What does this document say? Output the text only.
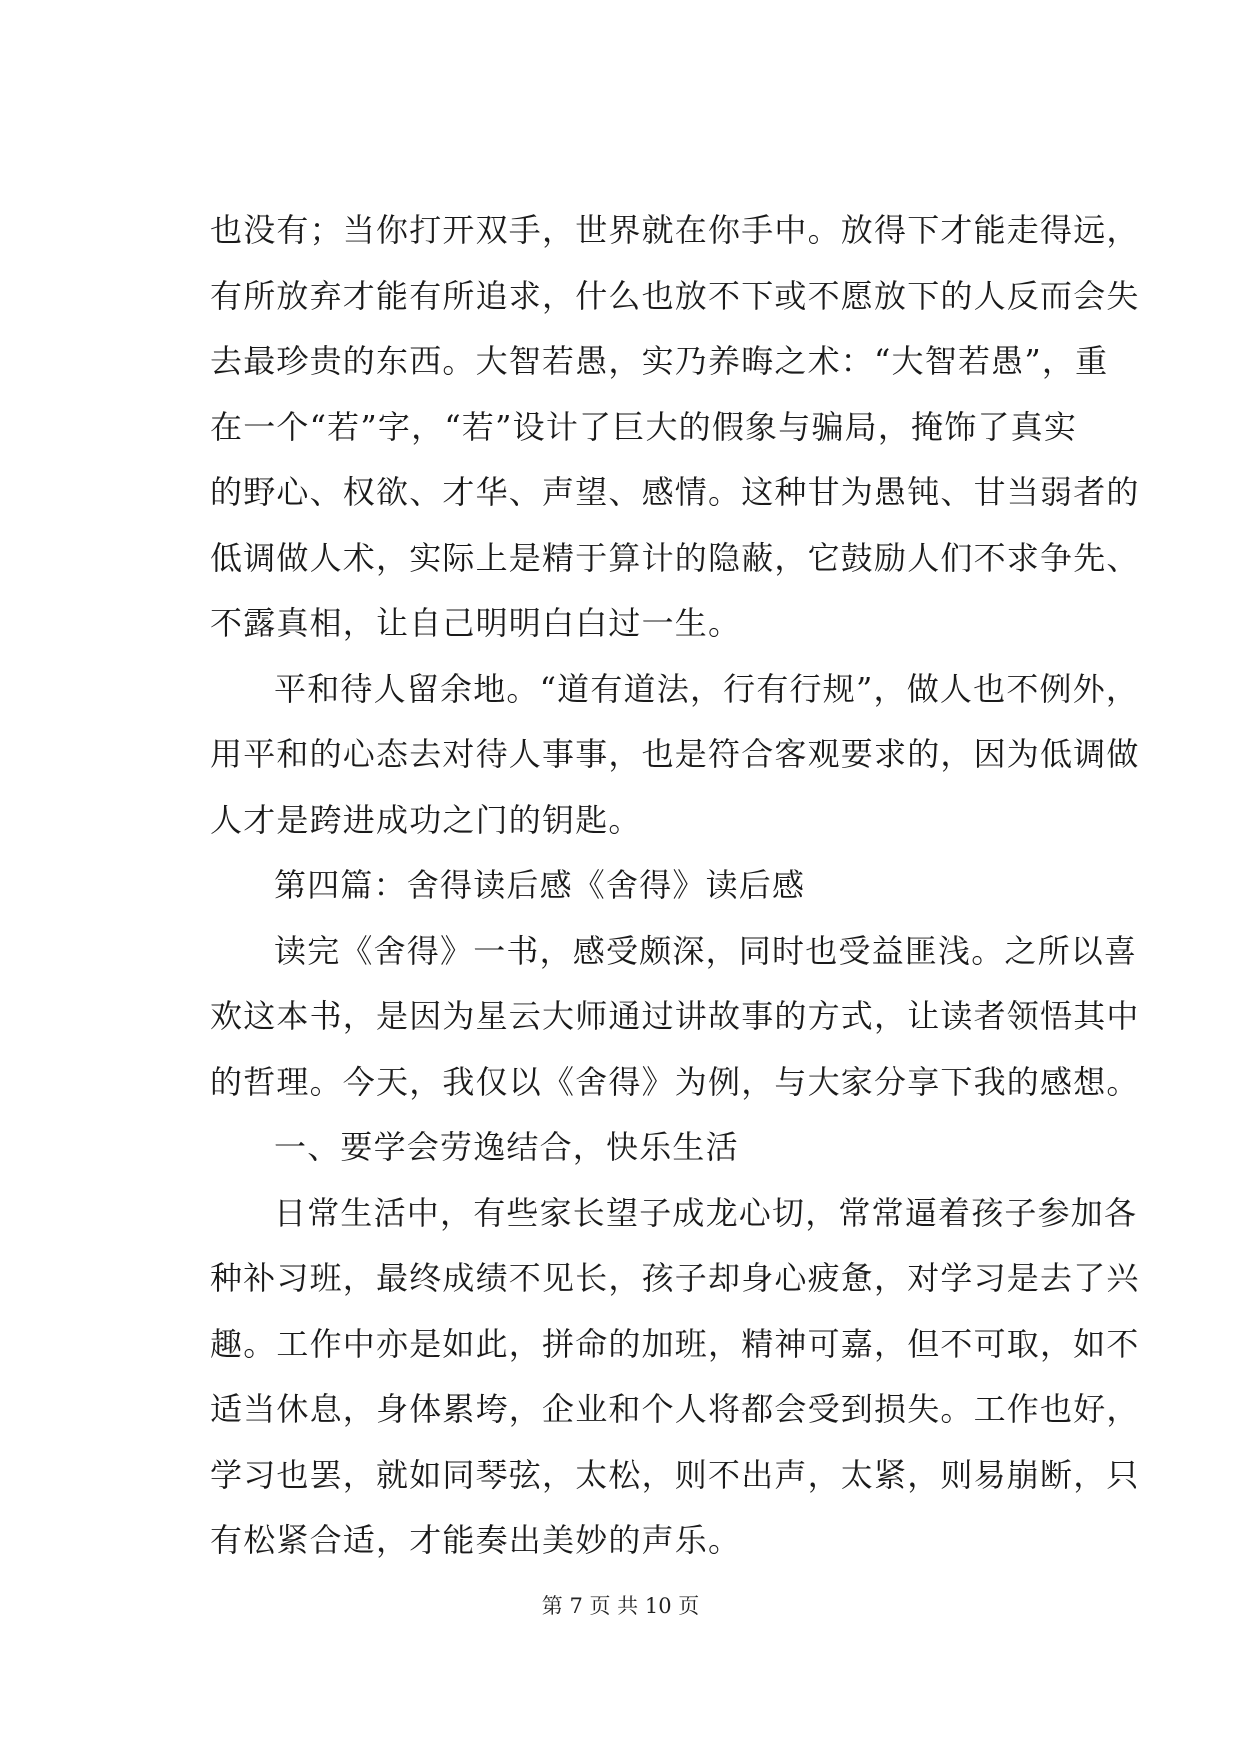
也没有；当你打开双手，世界就在你手中。放得下才能走得远，
有所放弃才能有所追求，什么也放不下或不愿放下的人反而会失
去最珍贵的东西。大智若愚，实乃养晦之术：“大智若愚”，重
在一个“若”字，“若”设计了巨大的假象与骗局，掩饰了真实
的野心、权欲、才华、声望、感情。这种甘为愚钝、甘当弱者的
低调做人术，实际上是精于算计的隐蔽，它鼓励人们不求争先、
不露真相，让自己明明白白过一生。
平和待人留余地。“道有道法，行有行规”，做人也不例外，
用平和的心态去对待人事事，也是符合客观要求的，因为低调做
人才是跨进成功之门的钥匙。
第四篇：舍得读后感《舍得》读后感
读完《舍得》一书，感受颇深，同时也受益匪浅。之所以喜
欢这本书，是因为星云大师通过讲故事的方式，让读者领悟其中
的哲理。今天，我仅以《舍得》为例，与大家分享下我的感想。
一、要学会劳逸结合，快乐生活
日常生活中，有些家长望子成龙心切，常常逼着孩子参加各
种补习班，最终成绩不见长，孩子却身心疲惫，对学习是去了兴
趣。工作中亦是如此，拼命的加班，精神可嘉，但不可取，如不
适当休息，身体累垮，企业和个人将都会受到损失。工作也好，
学习也罢，就如同琴弦，太松，则不出声，太紧，则易崩断，只
有松紧合适，才能奏出美妙的声乐。
第 7 页 共 10 页
